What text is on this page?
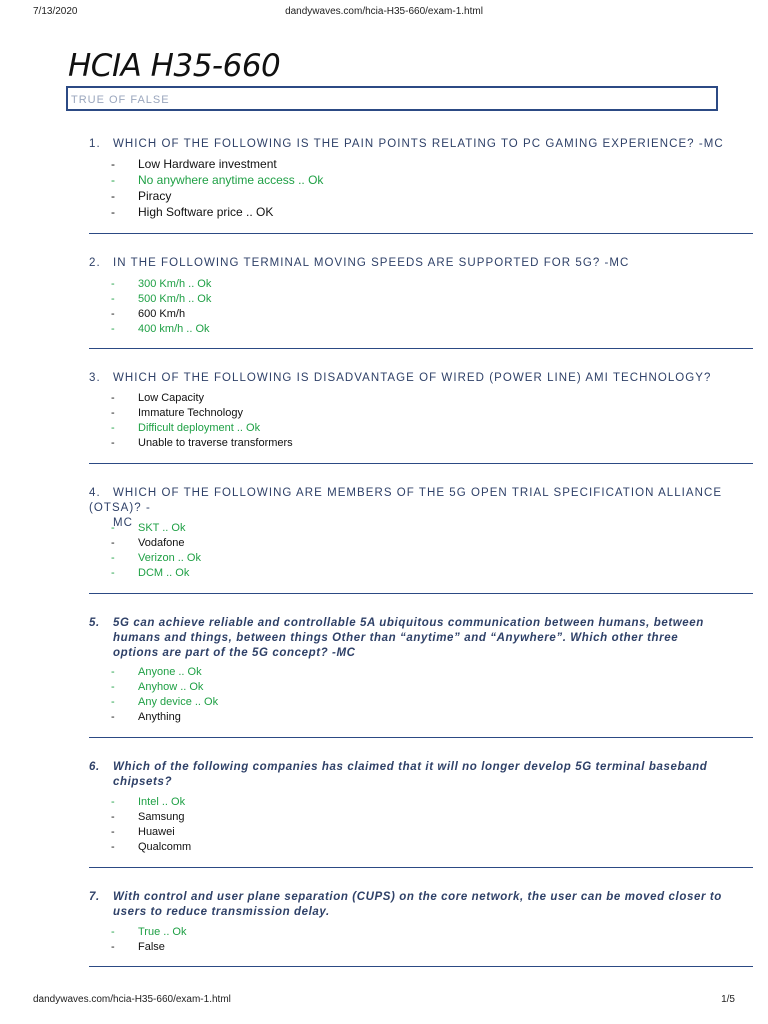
7/13/2020	dandywaves.com/hcia-H35-660/exam-1.html
HCIA H35-660
TRUE OF FALSE
1. WHICH OF THE FOLLOWING IS THE PAIN POINTS RELATING TO PC GAMING EXPERIENCE? -MC
- Low Hardware investment
- No anywhere anytime access .. Ok
- Piracy
- High Software price .. OK
2. IN THE FOLLOWING TERMINAL MOVING SPEEDS ARE SUPPORTED FOR 5G? -MC
- 300 Km/h .. Ok
- 500 Km/h .. Ok
- 600 Km/h
- 400 km/h .. Ok
3. WHICH OF THE FOLLOWING IS DISADVANTAGE OF WIRED (POWER LINE) AMI TECHNOLOGY?
- Low Capacity
- Immature Technology
- Difficult deployment .. Ok
- Unable to traverse transformers
4. WHICH OF THE FOLLOWING ARE MEMBERS OF THE 5G OPEN TRIAL SPECIFICATION ALLIANCE (OTSA)? -
MC
- SKT .. Ok
- Vodafone
- Verizon .. Ok
- DCM .. Ok
5. 5G can achieve reliable and controllable 5A ubiquitous communication between humans, between
humans and things, between things Other than “anytime” and “Anywhere”. Which other three
options are part of the 5G concept? -MC
- Anyone .. Ok
- Anyhow .. Ok
- Any device .. Ok
- Anything
6. Which of the following companies has claimed that it will no longer develop 5G terminal baseband
chipsets?
- Intel .. Ok
- Samsung
- Huawei
- Qualcomm
7. With control and user plane separation (CUPS) on the core network, the user can be moved closer to
users to reduce transmission delay.
- True .. Ok
- False
dandywaves.com/hcia-H35-660/exam-1.html	1/5
